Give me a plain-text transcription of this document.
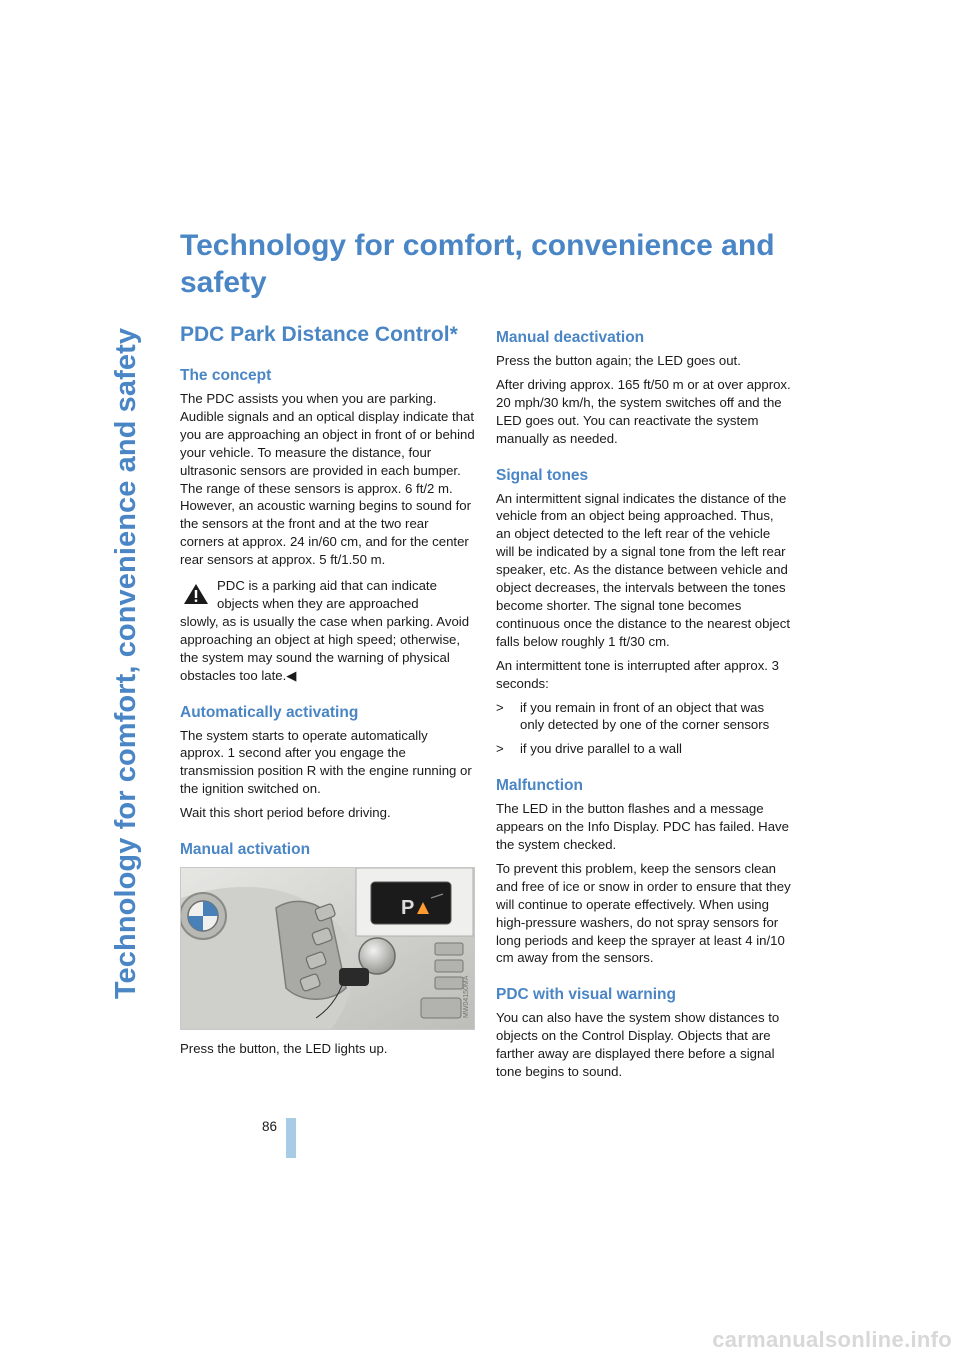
Technology for comfort, convenience and safety
Technology for comfort, convenience and safety
PDC Park Distance Control*
The concept

The PDC assists you when you are parking. Audible signals and an optical display indicate that you are approaching an object in front of or behind your vehicle. To measure the distance, four ultrasonic sensors are provided in each bumper. The range of these sensors is approx. 6 ft/2 m. However, an acoustic warning begins to sound for the sensors at the front and at the two rear corners at approx. 24 in/60 cm, and for the center rear sensors at approx. 5 ft/1.50 m.

PDC is a parking aid that can indicate objects when they are approached

slowly, as is usually the case when parking. Avoid approaching an object at high speed; otherwise, the system may sound the warning of physical obstacles too late.◀

Automatically activating

The system starts to operate automatically approx. 1 second after you engage the transmission position R with the engine running or the ignition switched on.

Wait this short period before driving.

Manual activation
P
MW04150MA

Press the button, the LED lights up.

Manual deactivation

Press the button again; the LED goes out.

After driving approx. 165 ft/50 m or at over approx. 20 mph/30 km/h, the system switches off and the LED goes out. You can reactivate the system manually as needed.

Signal tones

An intermittent signal indicates the distance of the vehicle from an object being approached. Thus, an object detected to the left rear of the vehicle will be indicated by a signal tone from the left rear speaker, etc. As the distance between vehicle and object decreases, the intervals between the tones become shorter. The signal tone becomes continuous once the distance to the nearest object falls below roughly 1 ft/30 cm.

An intermittent tone is interrupted after approx. 3 seconds:

>	if you remain in front of an object that was only detected by one of the corner sensors

>	if you drive parallel to a wall

Malfunction

The LED in the button flashes and a message appears on the Info Display. PDC has failed. Have the system checked.

To prevent this problem, keep the sensors clean and free of ice or snow in order to ensure that they will continue to operate effectively. When using high-pressure washers, do not spray sensors for long periods and keep the sprayer at least 4 in/10 cm away from the sensors.

PDC with visual warning

You can also have the system show distances to objects on the Control Display. Objects that are farther away are displayed there before a signal tone begins to sound.

86
carmanualsonline.info
